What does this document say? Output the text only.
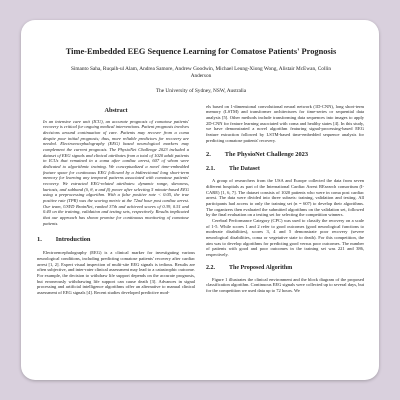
Time-Embedded EEG Sequence Learning for Comatose Patients' Prognosis
Simanto Saha, Ruqaih-ul Alam, Andrea Samore, Andrew Goodwin, Michael Leung-Xiong Wong, Alistair McEwan, Collin Anderson
The University of Sydney, NSW, Australia
Abstract

In an intensive care unit (ICU), an accurate prognosis of comatose patients' recovery is critical for ongoing medical interventions. Patient prognosis involves decisions around continuation of care. Patients may recover from a coma despite poor initial prognosis; thus, more reliable predictors for recovery are needed. Electroencephalography (EEG) based neurological markers may complement the current prognosis. The PhysioNet Challenge 2023 included a dataset of EEG signals and clinical attributes from a total of 1020 adult patients in ICUs that remained in a coma after cardiac arrest, 607 of whom were dedicated to algorithmic training. We conceptualized a novel time-embedded feature space for continuous EEG followed by a bidirectional long short-term memory for learning any temporal patterns associated with comatose patients' recovery. We extracted EEG-related attributes: dynamic range, skewness, kurtosis, and subband (δ, θ, α and β) power after selecting 5 minute-based EEG using a preprocessing algorithm. With a false positive rate < 0.05, the true positive rate (TPR) was the scoring metric at the 72nd hour post cardiac arrest. Our team, USYD BrainNet, ranked 37th and achieved scores of 0.39, 0.51 and 0.40 on the training, validation and testing sets, respectively. Results implicated that our approach has shown promise for continuous monitoring of comatose patients.

1. Introduction

Electroencephalography (EEG) is a clinical marker for investigating various neurological conditions, including predicting comatose patients' recovery after cardiac arrest [1, 2]. Expert visual inspection of multi-site EEG signals is tedious. Results are often subjective, and inter-rater clinical assessment may lead to a catastrophic outcome. For example, the decision to withdraw life support depends on the accurate prognosis, but erroneously withdrawing life support can cause death [3]. Advances in signal processing and artificial intelligence algorithms offer an alternative to manual clinical assessment of EEG signals [4]. Recent studies developed predictive mod-

els based on 1-dimensional convolutional neural network (1D-CNN), long short-term memory (LSTM) and transformer architectures for time-series or sequential data analysis [5]. Other methods include transforming data sequences into images to apply 2D-CNN for feature learning associated with coma and healthy states [4]. In this study, we have demonstrated a novel algorithm featuring signal-processing-based EEG feature extraction followed by LSTM-based time-embedded sequence analysis for predicting comatose patients' recovery.

2. The PhysioNet Challenge 2023
2.1. The Dataset

A group of researchers from the USA and Europe collected the data from seven different hospitals as part of the International Cardiac Arrest REsearch consortium (I-CARE) [1, 6, 7]. The dataset consists of 1020 patients who were in coma post cardiac arrest. The data were divided into three subsets: training, validation and testing. All participants had access to only the training set (n = 607) to develop their algorithms. The organizers then evaluated the submitted algorithms on the validation set, followed by the final evaluation on a testing set for selecting the competition winners.

Cerebral Performance Category (CPC) was used to classify the recovery on a scale of 1-5. While scores 1 and 2 refer to good outcomes (good neurological functions to moderate disabilities), scores 3, 4 and 5 demonstrate poor recovery (severe neurological disabilities, coma or vegetative state to death). For this competition, the aim was to develop algorithms for predicting good versus poor outcomes. The number of patients with good and poor outcomes in the training set was 221 and 386, respectively.

2.2. The Proposed Algorithm

Figure 1 illustrates the clinical environment and the block diagram of the proposed classification algorithm. Continuous EEG signals were collected up to several days, but for the competition we used data up to 72 hours. We
